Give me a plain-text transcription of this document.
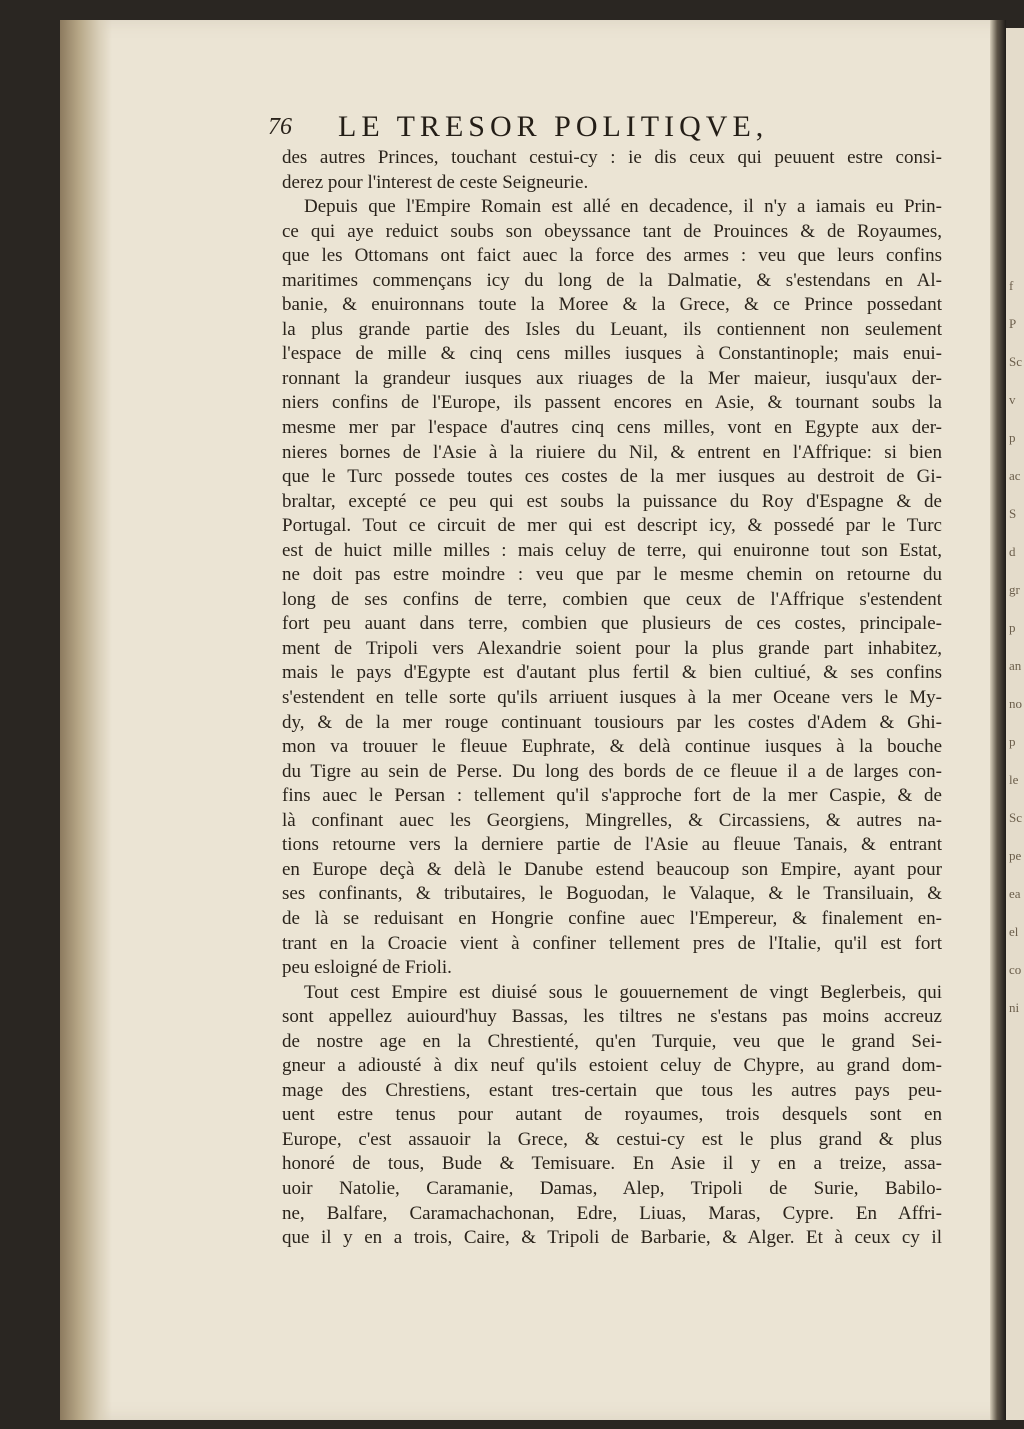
f
P
Sc
v
p
ac
S
d
gr
p
an
no
p
le
Sc
pe
ea
el
co
ni
76 LE TRESOR POLITIQVE,
des autres Princes, touchant cestui-cy : ie dis ceux qui peuuent estre consi-
derez pour l'interest de ceste Seigneurie.
Depuis que l'Empire Romain est allé en decadence, il n'y a iamais eu Prin-
ce qui aye reduict soubs son obeyssance tant de Prouinces & de Royaumes,
que les Ottomans ont faict auec la force des armes : veu que leurs confins
maritimes commençans icy du long de la Dalmatie, & s'estendans en Al-
banie, & enuironnans toute la Moree & la Grece, & ce Prince possedant
la plus grande partie des Isles du Leuant, ils contiennent non seulement
l'espace de mille & cinq cens milles iusques à Constantinople; mais enui-
ronnant la grandeur iusques aux riuages de la Mer maieur, iusqu'aux der-
niers confins de l'Europe, ils passent encores en Asie, & tournant soubs la
mesme mer par l'espace d'autres cinq cens milles, vont en Egypte aux der-
nieres bornes de l'Asie à la riuiere du Nil, & entrent en l'Affrique: si bien
que le Turc possede toutes ces costes de la mer iusques au destroit de Gi-
braltar, excepté ce peu qui est soubs la puissance du Roy d'Espagne & de
Portugal. Tout ce circuit de mer qui est descript icy, & possedé par le Turc
est de huict mille milles : mais celuy de terre, qui enuironne tout son Estat,
ne doit pas estre moindre : veu que par le mesme chemin on retourne du
long de ses confins de terre, combien que ceux de l'Affrique s'estendent
fort peu auant dans terre, combien que plusieurs de ces costes, principale-
ment de Tripoli vers Alexandrie soient pour la plus grande part inhabitez,
mais le pays d'Egypte est d'autant plus fertil & bien cultiué, & ses confins
s'estendent en telle sorte qu'ils arriuent iusques à la mer Oceane vers le My-
dy, & de la mer rouge continuant tousiours par les costes d'Adem & Ghi-
mon va trouuer le fleuue Euphrate, & delà continue iusques à la bouche
du Tigre au sein de Perse. Du long des bords de ce fleuue il a de larges con-
fins auec le Persan : tellement qu'il s'approche fort de la mer Caspie, & de
là confinant auec les Georgiens, Mingrelles, & Circassiens, & autres na-
tions retourne vers la derniere partie de l'Asie au fleuue Tanais, & entrant
en Europe deçà & delà le Danube estend beaucoup son Empire, ayant pour
ses confinants, & tributaires, le Boguodan, le Valaque, & le Transiluain, &
de là se reduisant en Hongrie confine auec l'Empereur, & finalement en-
trant en la Croacie vient à confiner tellement pres de l'Italie, qu'il est fort
peu esloigné de Frioli.
Tout cest Empire est diuisé sous le gouuernement de vingt Beglerbeis, qui
sont appellez auiourd'huy Bassas, les tiltres ne s'estans pas moins accreuz
de nostre age en la Chrestienté, qu'en Turquie, veu que le grand Sei-
gneur a adiousté à dix neuf qu'ils estoient celuy de Chypre, au grand dom-
mage des Chrestiens, estant tres-certain que tous les autres pays peu-
uent estre tenus pour autant de royaumes, trois desquels sont en
Europe, c'est assauoir la Grece, & cestui-cy est le plus grand & plus
honoré de tous, Bude & Temisuare. En Asie il y en a treize, assa-
uoir Natolie, Caramanie, Damas, Alep, Tripoli de Surie, Babilo-
ne, Balfare, Caramachachonan, Edre, Liuas, Maras, Cypre. En Affri-
que il y en a trois, Caire, & Tripoli de Barbarie, & Alger. Et à ceux cy il
